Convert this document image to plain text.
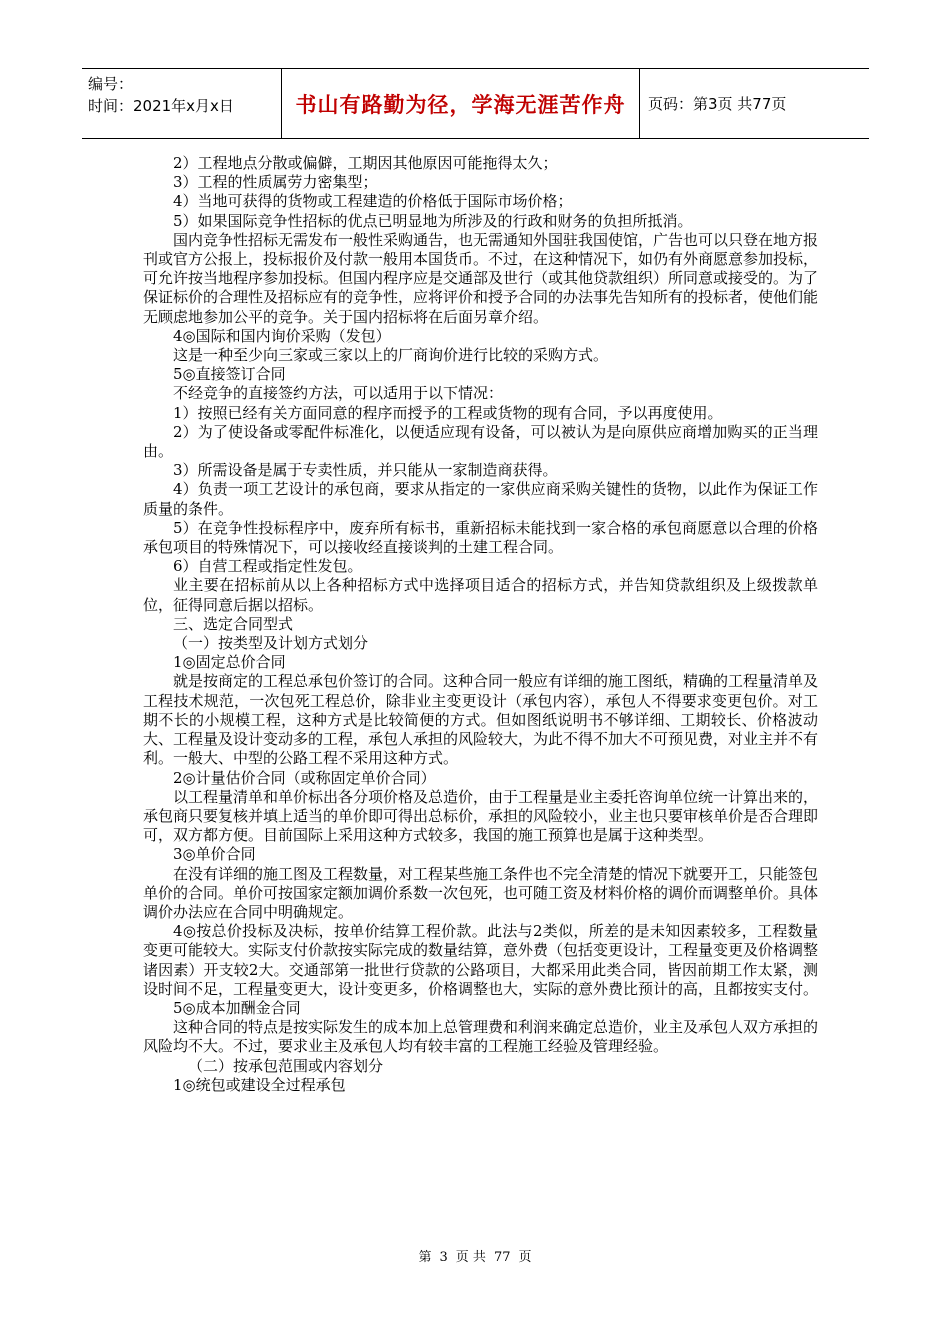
编号：
时间：2021年x月x日	书山有路勤为径，学海无涯苦作舟	页码：第3页 共77页

2）工程地点分散或偏僻，工期因其他原因可能拖得太久；

3）工程的性质属劳力密集型；

4）当地可获得的货物或工程建造的价格低于国际市场价格；

5）如果国际竞争性招标的优点已明显地为所涉及的行政和财务的负担所抵消。

国内竞争性招标无需发布一般性采购通告，也无需通知外国驻我国使馆，广告也可以只登在地方报刊或官方公报上，投标报价及付款一般用本国货币。不过，在这种情况下，如仍有外商愿意参加投标，可允许按当地程序参加投标。但国内程序应是交通部及世行（或其他贷款组织）所同意或接受的。为了保证标价的合理性及招标应有的竞争性，应将评价和授予合同的办法事先告知所有的投标者，使他们能无顾虑地参加公平的竞争。关于国内招标将在后面另章介绍。

4◎国际和国内询价采购（发包）

这是一种至少向三家或三家以上的厂商询价进行比较的采购方式。

5◎直接签订合同

不经竞争的直接签约方法，可以适用于以下情况：

1）按照已经有关方面同意的程序而授予的工程或货物的现有合同，予以再度使用。

2）为了使设备或零配件标准化，以便适应现有设备，可以被认为是向原供应商增加购买的正当理由。

3）所需设备是属于专卖性质，并只能从一家制造商获得。

4）负责一项工艺设计的承包商，要求从指定的一家供应商采购关键性的货物，以此作为保证工作质量的条件。

5）在竞争性投标程序中，废弃所有标书，重新招标未能找到一家合格的承包商愿意以合理的价格承包项目的特殊情况下，可以接收经直接谈判的土建工程合同。

6）自营工程或指定性发包。

业主要在招标前从以上各种招标方式中选择项目适合的招标方式，并告知贷款组织及上级拨款单位，征得同意后据以招标。

三、选定合同型式

（一）按类型及计划方式划分

1◎固定总价合同

就是按商定的工程总承包价签订的合同。这种合同一般应有详细的施工图纸，精确的工程量清单及工程技术规范，一次包死工程总价，除非业主变更设计（承包内容），承包人不得要求变更包价。对工期不长的小规模工程，这种方式是比较简便的方式。但如图纸说明书不够详细、工期较长、价格波动大、工程量及设计变动多的工程，承包人承担的风险较大，为此不得不加大不可预见费，对业主并不有利。一般大、中型的公路工程不采用这种方式。

2◎计量估价合同（或称固定单价合同）

以工程量清单和单价标出各分项价格及总造价，由于工程量是业主委托咨询单位统一计算出来的，承包商只要复核并填上适当的单价即可得出总标价，承担的风险较小，业主也只要审核单价是否合理即可，双方都方便。目前国际上采用这种方式较多，我国的施工预算也是属于这种类型。

3◎单价合同

在没有详细的施工图及工程数量，对工程某些施工条件也不完全清楚的情况下就要开工，只能签包单价的合同。单价可按国家定额加调价系数一次包死，也可随工资及材料价格的调价而调整单价。具体调价办法应在合同中明确规定。

4◎按总价投标及决标，按单价结算工程价款。此法与2类似，所差的是未知因素较多，工程数量变更可能较大。实际支付价款按实际完成的数量结算，意外费（包括变更设计，工程量变更及价格调整诸因素）开支较2大。交通部第一批世行贷款的公路项目，大都采用此类合同，皆因前期工作太紧，测设时间不足，工程量变更大，设计变更多，价格调整也大，实际的意外费比预计的高，且都按实支付。

5◎成本加酬金合同

这种合同的特点是按实际发生的成本加上总管理费和利润来确定总造价，业主及承包人双方承担的风险均不大。不过，要求业主及承包人均有较丰富的工程施工经验及管理经验。

（二）按承包范围或内容划分

1◎统包或建设全过程承包

第 3 页 共 77 页
